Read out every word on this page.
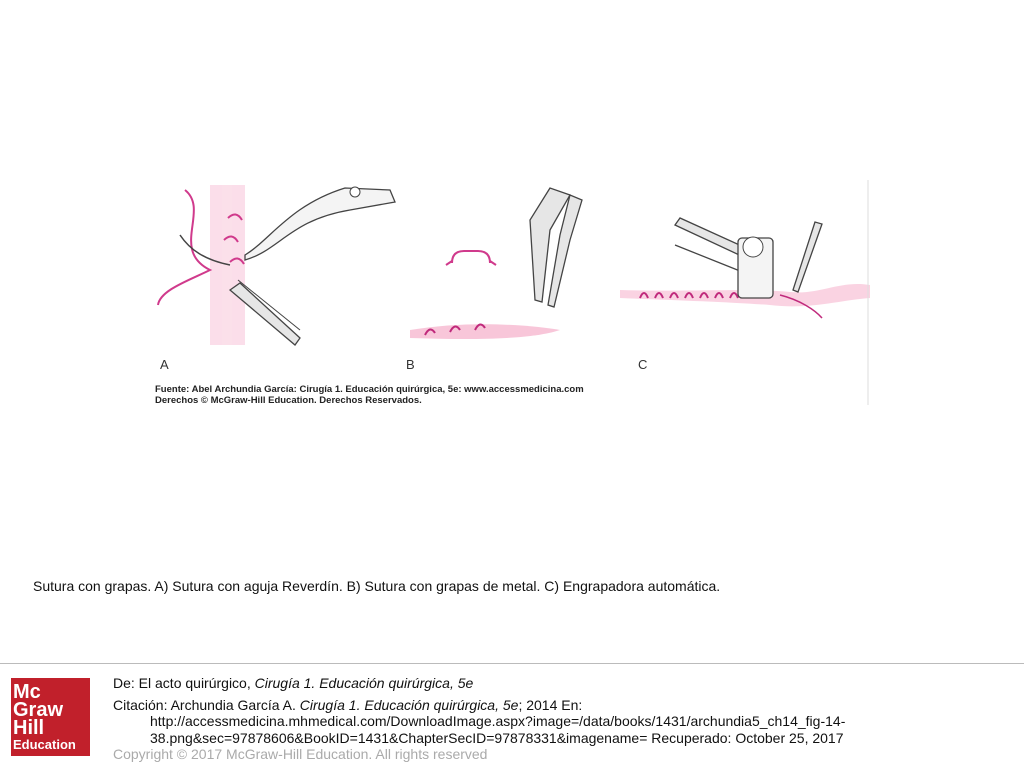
A	B	C
Fuente: Abel Archundia García: Cirugía 1. Educación quirúrgica, 5e: www.accessmedicina.com
Derechos © McGraw-Hill Education. Derechos Reservados.
Sutura con grapas. A) Sutura con aguja Reverdín. B) Sutura con grapas de metal. C) Engrapadora automática.
Mc
Graw
Hill
Education
De: El acto quirúrgico, Cirugía 1. Educación quirúrgica, 5e
Citación: Archundia García A. Cirugía 1. Educación quirúrgica, 5e; 2014 En:
http://accessmedicina.mhmedical.com/DownloadImage.aspx?image=/data/books/1431/archundia5_ch14_fig-14-
38.png&sec=97878606&BookID=1431&ChapterSecID=97878331&imagename= Recuperado: October 25, 2017
Copyright © 2017 McGraw-Hill Education. All rights reserved
